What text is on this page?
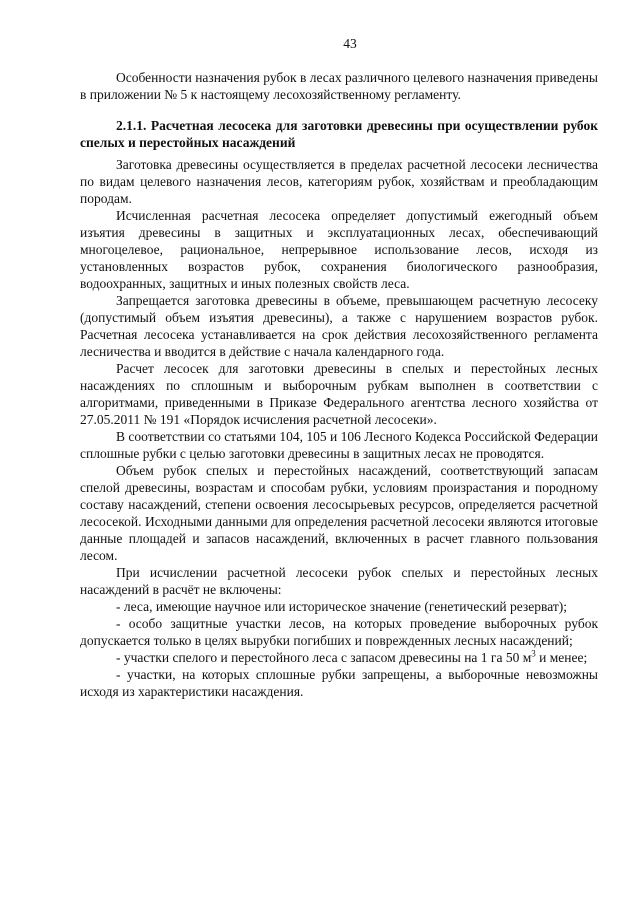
43

Особенности назначения рубок в лесах различного целевого назначения приведены в приложении № 5 к настоящему лесохозяйственному регламенту.

2.1.1. Расчетная лесосека для заготовки древесины при осуществлении рубок спелых и перестойных насаждений

Заготовка древесины осуществляется в пределах расчетной лесосеки лесничества по видам целевого назначения лесов, категориям рубок, хозяйствам и преобладающим породам.

Исчисленная расчетная лесосека определяет допустимый ежегодный объем изъятия древесины в защитных и эксплуатационных лесах, обеспечивающий многоцелевое, рациональное, непрерывное использование лесов, исходя из установленных возрастов рубок, сохранения биологического разнообразия, водоохранных, защитных и иных полезных свойств леса.

Запрещается заготовка древесины в объеме, превышающем расчетную лесосеку (допустимый объем изъятия древесины), а также с нарушением возрастов рубок. Расчетная лесосека устанавливается на срок действия лесохозяйственного регламента лесничества и вводится в действие с начала календарного года.

Расчет лесосек для заготовки древесины в спелых и перестойных лесных насаждениях по сплошным и выборочным рубкам выполнен в соответствии с алгоритмами, приведенными в Приказе Федерального агентства лесного хозяйства от 27.05.2011 № 191 «Порядок исчисления расчетной лесосеки».

В соответствии со статьями 104, 105 и 106 Лесного Кодекса Российской Федерации сплошные рубки с целью заготовки древесины в защитных лесах не проводятся.

Объем рубок спелых и перестойных насаждений, соответствующий запасам спелой древесины, возрастам и способам рубки, условиям произрастания и породному составу насаждений, степени освоения лесосырьевых ресурсов, определяется расчетной лесосекой. Исходными данными для определения расчетной лесосеки являются итоговые данные площадей и запасов насаждений, включенных в расчет главного пользования лесом.

При исчислении расчетной лесосеки рубок спелых и перестойных лесных насаждений в расчёт не включены:

- леса, имеющие научное или историческое значение (генетический резерват);

- особо защитные участки лесов, на которых проведение выборочных рубок допускается только в целях вырубки погибших и поврежденных лесных насаждений;

- участки спелого и перестойного леса с запасом древесины на 1 га 50 $м^3$ и менее;

- участки, на которых сплошные рубки запрещены, а выборочные невозможны исходя из характеристики насаждения.
